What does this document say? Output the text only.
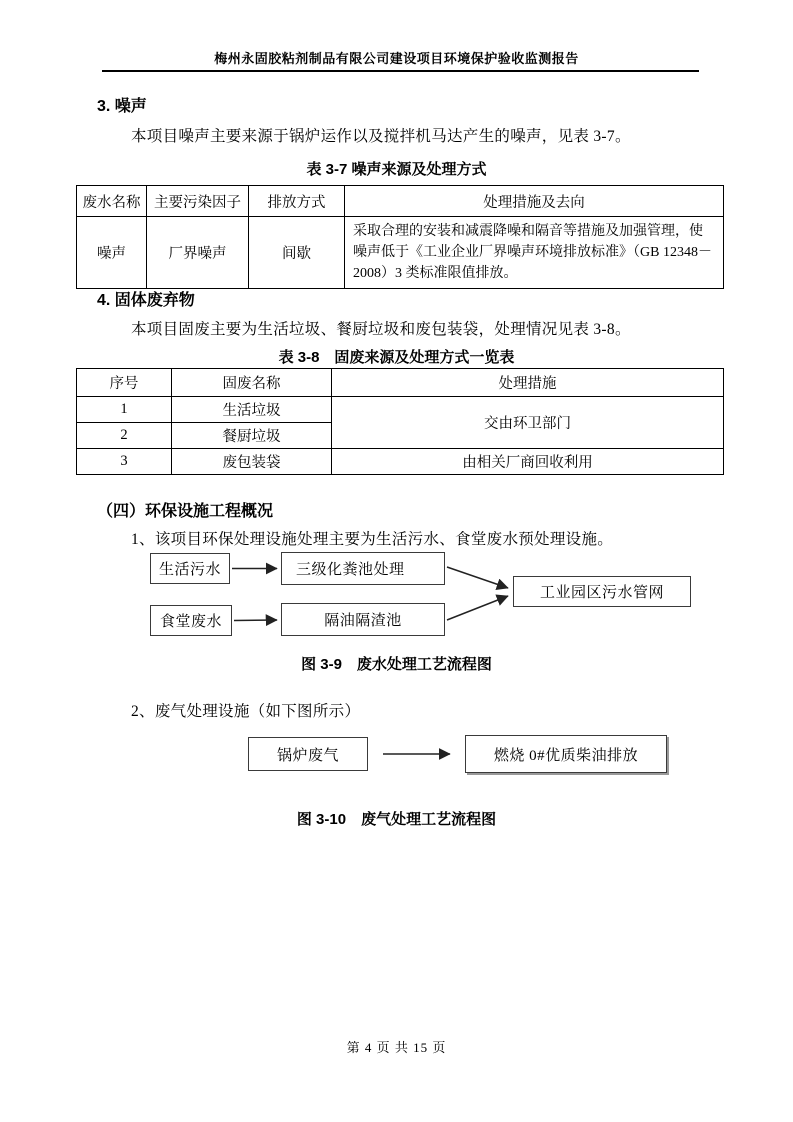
梅州永固胶粘剂制品有限公司建设项目环境保护验收监测报告
3. 噪声
本项目噪声主要来源于锅炉运作以及搅拌机马达产生的噪声，见表 3-7。
表 3-7 噪声来源及处理方式
废水名称	主要污染因子	排放方式	处理措施及去向
噪声	厂界噪声	间歇	采取合理的安装和减震降噪和隔音等措施及加强管理，使噪声低于《工业企业厂界噪声环境排放标准》（GB 12348－2008）3 类标准限值排放。
4. 固体废弃物
本项目固废主要为生活垃圾、餐厨垃圾和废包装袋，处理情况见表 3-8。
表 3-8　固废来源及处理方式一览表
序号	固废名称	处理措施
1	生活垃圾	交由环卫部门
2	餐厨垃圾	
3	废包装袋	由相关厂商回收利用
（四）环保设施工程概况
1、该项目环保处理设施处理主要为生活污水、食堂废水预处理设施。
生活污水	三级化粪池处理
食堂废水	隔油隔渣池
工业园区污水管网
图 3-9　废水处理工艺流程图
2、废气处理设施（如下图所示）
锅炉废气	燃烧 0#优质柴油排放
图 3-10　废气处理工艺流程图
第 4 页 共 15 页
